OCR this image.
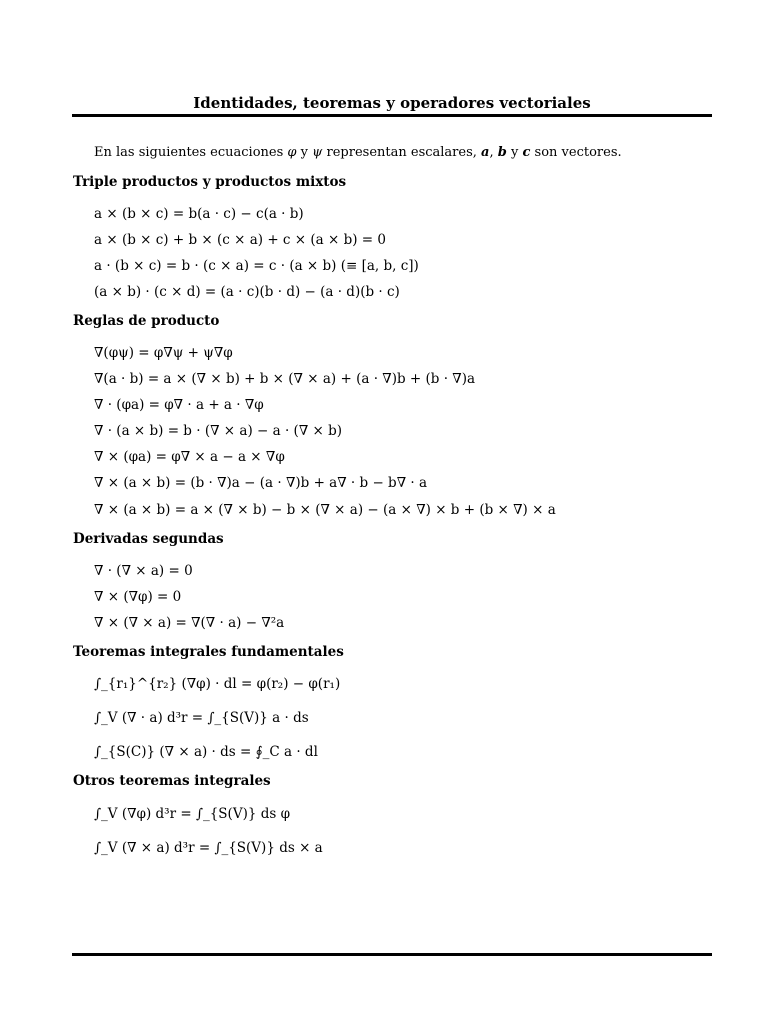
Identidades, teoremas y operadores vectoriales
En las siguientes ecuaciones φ y ψ representan escalares, a, b y c son vectores.
Triple productos y productos mixtos
a × (b × c) = b(a · c) − c(a · b)
a × (b × c) + b × (c × a) + c × (a × b) = 0
a · (b × c) = b · (c × a) = c · (a × b) (≡ [a, b, c])
(a × b) · (c × d) = (a · c)(b · d) − (a · d)(b · c)
Reglas de producto
∇(φψ) = φ∇ψ + ψ∇φ
∇(a · b) = a × (∇ × b) + b × (∇ × a) + (a · ∇)b + (b · ∇)a
∇ · (φa) = φ∇ · a + a · ∇φ
∇ · (a × b) = b · (∇ × a) − a · (∇ × b)
∇ × (φa) = φ∇ × a − a × ∇φ
∇ × (a × b) = (b · ∇)a − (a · ∇)b + a∇ · b − b∇ · a
∇ × (a × b) = a × (∇ × b) − b × (∇ × a) − (a × ∇) × b + (b × ∇) × a
Derivadas segundas
∇ · (∇ × a) = 0
∇ × (∇φ) = 0
∇ × (∇ × a) = ∇(∇ · a) − ∇²a
Teoremas integrales fundamentales
∫_{r₁}^{r₂} (∇φ) · dl = φ(r₂) − φ(r₁)
∫_V (∇ · a) d³r = ∫_{S(V)} a · ds
∫_{S(C)} (∇ × a) · ds = ∮_C a · dl
Otros teoremas integrales
∫_V (∇φ) d³r = ∫_{S(V)} ds φ
∫_V (∇ × a) d³r = ∫_{S(V)} ds × a
